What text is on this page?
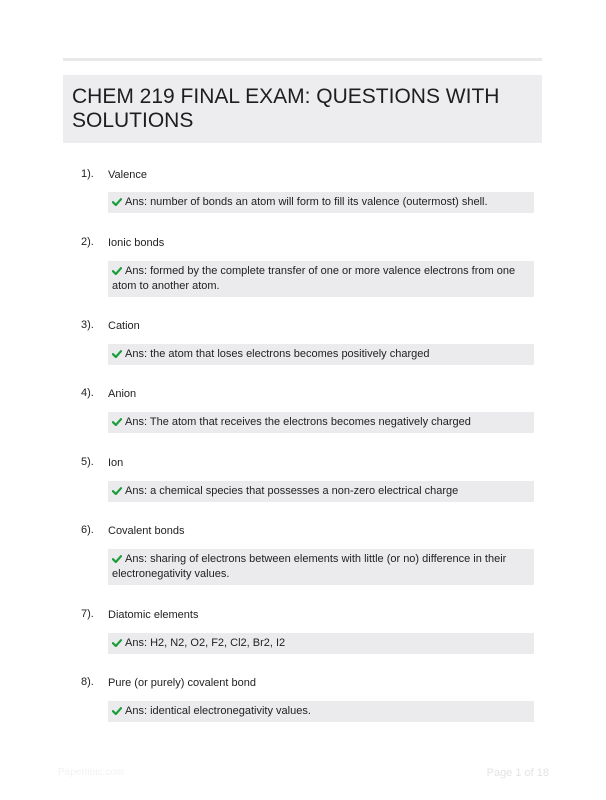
CHEM 219 FINAL EXAM: QUESTIONS WITH SOLUTIONS
1). Valence
Ans: number of bonds an atom will form to fill its valence (outermost) shell.
2). Ionic bonds
Ans: formed by the complete transfer of one or more valence electrons from one atom to another atom.
3). Cation
Ans: the atom that loses electrons becomes positively charged
4). Anion
Ans: The atom that receives the electrons becomes negatively charged
5). Ion
Ans: a chemical species that possesses a non-zero electrical charge
6). Covalent bonds
Ans: sharing of electrons between elements with little (or no) difference in their electronegativity values.
7). Diatomic elements
Ans: H2, N2, O2, F2, Cl2, Br2, I2
8). Pure (or purely) covalent bond
Ans: identical electronegativity values.
Papertibic.com	Page 1 of 18
